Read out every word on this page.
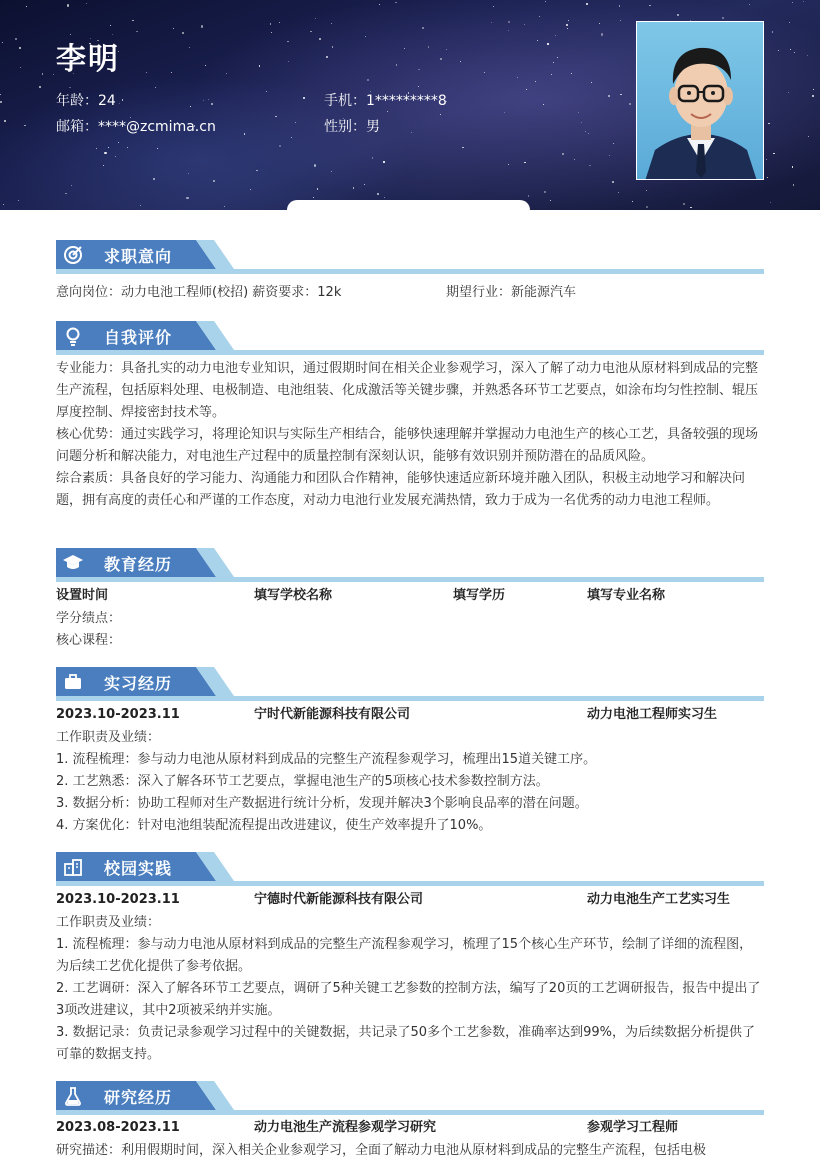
李明
年龄：24	手机：1*********8
邮箱：****@zcmima.cn	性别：男
求职意向
意向岗位：动力电池工程师(校招) 薪资要求：12k	期望行业：新能源汽车
自我评价

专业能力：具备扎实的动力电池专业知识，通过假期时间在相关企业参观学习，深入了解了动力电池从原材料到成品的完整生产流程，包括原料处理、电极制造、电池组装、化成激活等关键步骤，并熟悉各环节工艺要点，如涂布均匀性控制、辊压厚度控制、焊接密封技术等。

核心优势：通过实践学习，将理论知识与实际生产相结合，能够快速理解并掌握动力电池生产的核心工艺，具备较强的现场问题分析和解决能力，对电池生产过程中的质量控制有深刻认识，能够有效识别并预防潜在的品质风险。

综合素质：具备良好的学习能力、沟通能力和团队合作精神，能够快速适应新环境并融入团队，积极主动地学习和解决问题，拥有高度的责任心和严谨的工作态度，对动力电池行业发展充满热情，致力于成为一名优秀的动力电池工程师。

教育经历
设置时间	填写学校名称	填写学历	填写专业名称

学分绩点：

核心课程：

实习经历
2023.10-2023.11	宁时代新能源科技有限公司	动力电池工程师实习生

工作职责及业绩：

1. 流程梳理：参与动力电池从原材料到成品的完整生产流程参观学习，梳理出15道关键工序。

2. 工艺熟悉：深入了解各环节工艺要点，掌握电池生产的5项核心技术参数控制方法。

3. 数据分析：协助工程师对生产数据进行统计分析，发现并解决3个影响良品率的潜在问题。

4. 方案优化：针对电池组装配流程提出改进建议，使生产效率提升了10%。

校园实践
2023.10-2023.11	宁德时代新能源科技有限公司	动力电池生产工艺实习生

工作职责及业绩：

1. 流程梳理：参与动力电池从原材料到成品的完整生产流程参观学习，梳理了15个核心生产环节，绘制了详细的流程图，为后续工艺优化提供了参考依据。

2. 工艺调研：深入了解各环节工艺要点，调研了5种关键工艺参数的控制方法，编写了20页的工艺调研报告，报告中提出了3项改进建议，其中2项被采纳并实施。

3. 数据记录：负责记录参观学习过程中的关键数据，共记录了50多个工艺参数，准确率达到99%，为后续数据分析提供了可靠的数据支持。

研究经历
2023.08-2023.11	动力电池生产流程参观学习研究	参观学习工程师
研究描述：利用假期时间，深入相关企业参观学习，全面了解动力电池从原材料到成品的完整生产流程，包括电极
